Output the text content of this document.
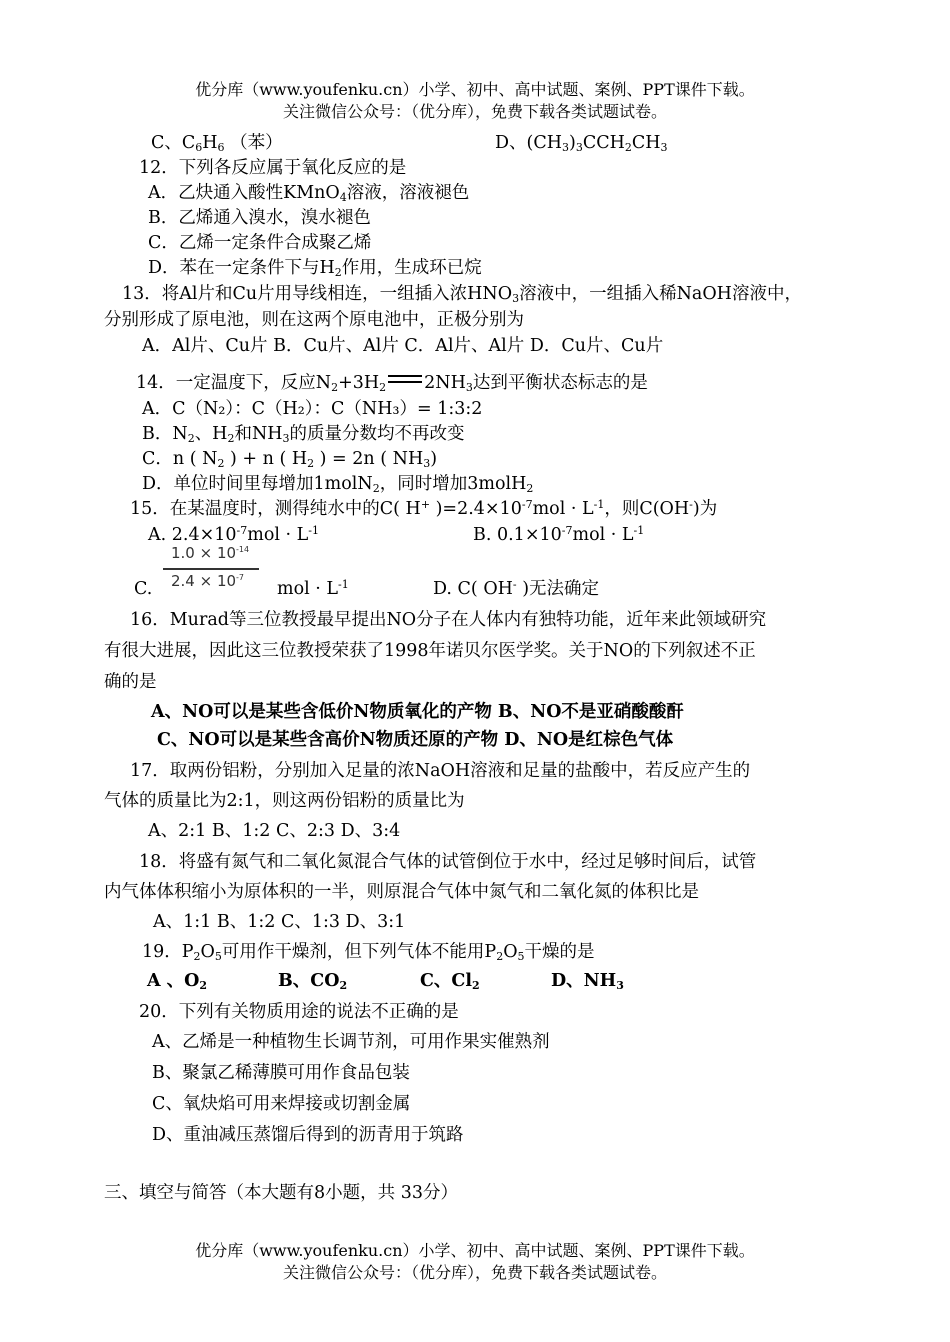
优分库（www.youfenku.cn）小学、初中、高中试题、案例、PPT课件下载。
关注微信公众号：（优分库），免费下载各类试题试卷。
C、$C_6H_6$ （苯）	D、$(CH_3)_3CCH_2CH_3$
12．下列各反应属于氧化反应的是
A．乙炔通入酸性KMnO$_4$溶液，溶液褪色
B．乙烯通入溴水，溴水褪色
C．乙烯一定条件合成聚乙烯
D．苯在一定条件下与$H_2$作用，生成环已烷
13．将Al片和Cu片用导线相连，一组插入浓$HNO_3$溶液中，一组插入稀NaOH溶液中，
分别形成了原电池，则在这两个原电池中，正极分别为
A．Al片、Cu片 B．Cu片、Al片 C．Al片、Al片 D．Cu片、Cu片
14．一定温度下，反应$N_2+3H_2$ $2NH_3$达到平衡状态标志的是
A．C（N₂）：C（H₂）：C（NH₃）= 1:3:2
B．$N_2$、$H_2$和$NH_3$的质量分数均不再改变
C．n ( $N_2$ ) + n ( $H_2$ ) = 2n ( $NH_3$)
D．单位时间里每增加1molN$_2$，同时增加3molH$_2$
15．在某温度时，测得纯水中的C( H+ )$=2.4\times 10^{-7}mol \cdot L^{-1}$，则C(OH-)为
A. $2.4\times 10^{-7}mol \cdot L^{-1}$	B. $0.1\times 10^{-7}mol \cdot L^{-1}$
C.
$1.0 \times 10^{-14}$
$2.4 \times 10^{-7}$
mol · $L^{-1}$	D. C( OH- )无法确定
16．Murad等三位教授最早提出NO分子在人体内有独特功能，近年来此领域研究
有很大进展，因此这三位教授荣获了1998年诺贝尔医学奖。关于NO的下列叙述不正
确的是
A、NO可以是某些含低价N物质氧化的产物 B、NO不是亚硝酸酸酐
C、NO可以是某些含高价N物质还原的产物 D、NO是红棕色气体
17．取两份铝粉，分别加入足量的浓NaOH溶液和足量的盐酸中，若反应产生的
气体的质量比为2:1，则这两份铝粉的质量比为
A、2:1 B、1:2 C、2:3 D、3:4
18．将盛有氮气和二氧化氮混合气体的试管倒位于水中，经过足够时间后，试管
内气体体积缩小为原体积的一半，则原混合气体中氮气和二氧化氮的体积比是
A、1:1 B、1:2 C、1:3 D、3:1
19．$P_2O_5$可用作干燥剂，但下列气体不能用$P_2O_5$干燥的是
A 、$O_2$	B、$CO_2$	C、$Cl_2$	D、$NH_3$
20．下列有关物质用途的说法不正确的是
A、乙烯是一种植物生长调节剂，可用作果实催熟剂
B、聚氯乙稀薄膜可用作食品包装
C、氧炔焰可用来焊接或切割金属
D、重油减压蒸馏后得到的沥青用于筑路
三、填空与简答（本大题有8小题，共 33分）
优分库（www.youfenku.cn）小学、初中、高中试题、案例、PPT课件下载。
关注微信公众号：（优分库），免费下载各类试题试卷。
